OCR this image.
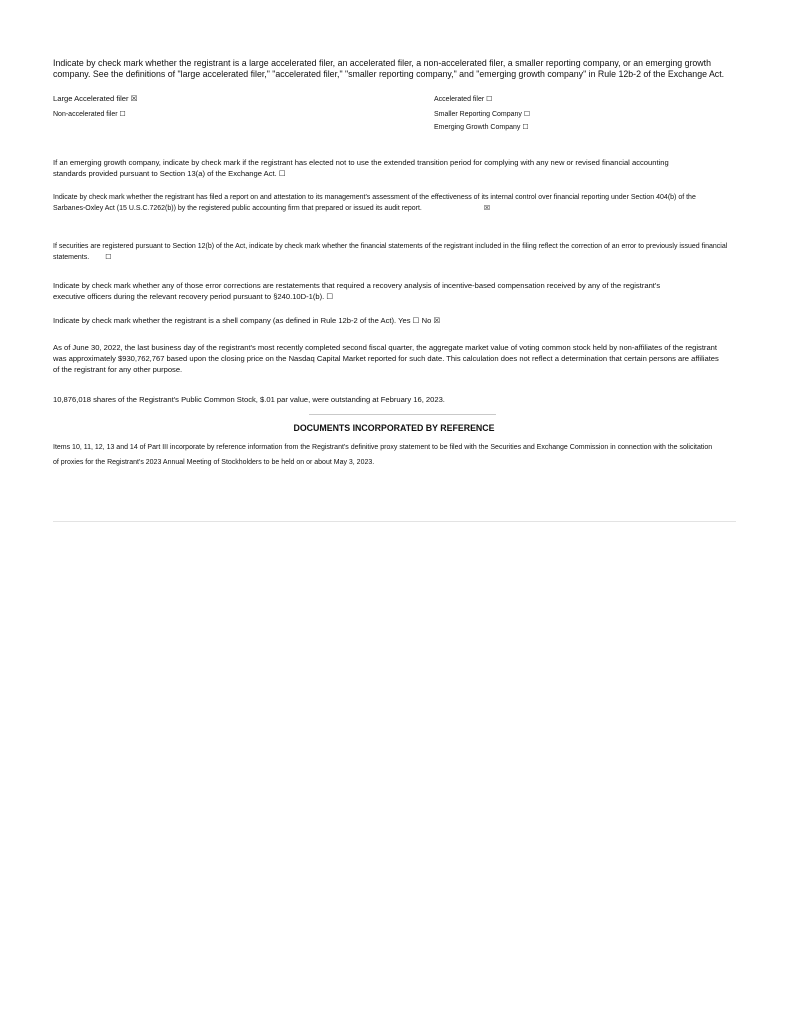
Indicate by check mark whether the registrant is a large accelerated filer, an accelerated filer, a non-accelerated filer, a smaller reporting company, or an emerging growth company. See the definitions of "large accelerated filer," "accelerated filer," "smaller reporting company," and "emerging growth company" in Rule 12b-2 of the Exchange Act.
Large Accelerated filer ☒	Accelerated filer ☐
Non-accelerated filer ☐	Smaller Reporting Company ☐
Emerging Growth Company ☐
If an emerging growth company, indicate by check mark if the registrant has elected not to use the extended transition period for complying with any new or revised financial accounting standards provided pursuant to Section 13(a) of the Exchange Act. ☐
Indicate by check mark whether the registrant has filed a report on and attestation to its management's assessment of the effectiveness of its internal control over financial reporting under Section 404(b) of the Sarbanes-Oxley Act (15 U.S.C.7262(b)) by the registered public accounting firm that prepared or issued its audit report.	☒
If securities are registered pursuant to Section 12(b) of the Act, indicate by check mark whether the financial statements of the registrant included in the filing reflect the correction of an error to previously issued financial statements. ☐
Indicate by check mark whether any of those error corrections are restatements that required a recovery analysis of incentive-based compensation received by any of the registrant's executive officers during the relevant recovery period pursuant to §240.10D-1(b). ☐
Indicate by check mark whether the registrant is a shell company (as defined in Rule 12b-2 of the Act). Yes ☐ No ☒
As of June 30, 2022, the last business day of the registrant's most recently completed second fiscal quarter, the aggregate market value of voting common stock held by non-affiliates of the registrant was approximately $930,762,767 based upon the closing price on the Nasdaq Capital Market reported for such date. This calculation does not reflect a determination that certain persons are affiliates of the registrant for any other purpose.
10,876,018 shares of the Registrant's Public Common Stock, $.01 par value, were outstanding at February 16, 2023.
DOCUMENTS INCORPORATED BY REFERENCE
Items 10, 11, 12, 13 and 14 of Part III incorporate by reference information from the Registrant's definitive proxy statement to be filed with the Securities and Exchange Commission in connection with the solicitation of proxies for the Registrant's 2023 Annual Meeting of Stockholders to be held on or about May 3, 2023.
